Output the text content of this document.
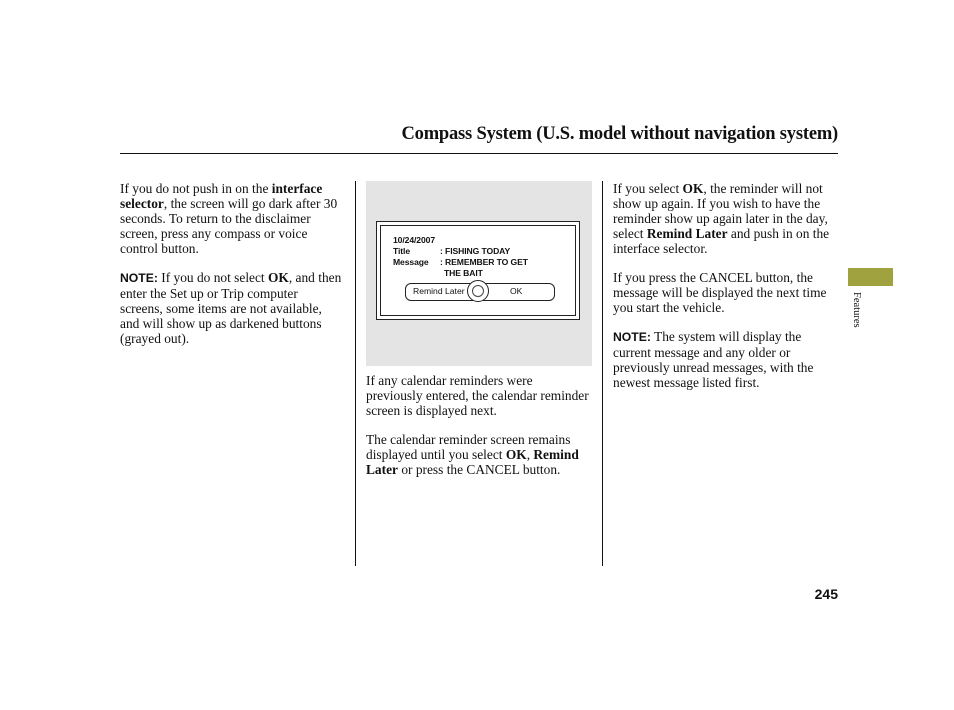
Compass System (U.S. model without navigation system)

If you do not push in on the interface selector, the screen will go dark after 30 seconds. To return to the disclaimer screen, press any compass or voice control button.

NOTE: If you do not select OK, and then enter the Set up or Trip computer screens, some items are not available, and will show up as darkened buttons (grayed out).

10/24/2007
Title	: FISHING TODAY
Message : REMEMBER TO GET
THE BAIT
Remind Later	OK

If any calendar reminders were previously entered, the calendar reminder screen is displayed next.

The calendar reminder screen remains displayed until you select OK, Remind Later or press the CANCEL button.

If you select OK, the reminder will not show up again. If you wish to have the reminder show up again later in the day, select Remind Later and push in on the interface selector.

If you press the CANCEL button, the message will be displayed the next time you start the vehicle.

NOTE: The system will display the current message and any older or previously unread messages, with the newest message listed first.

Features
245
